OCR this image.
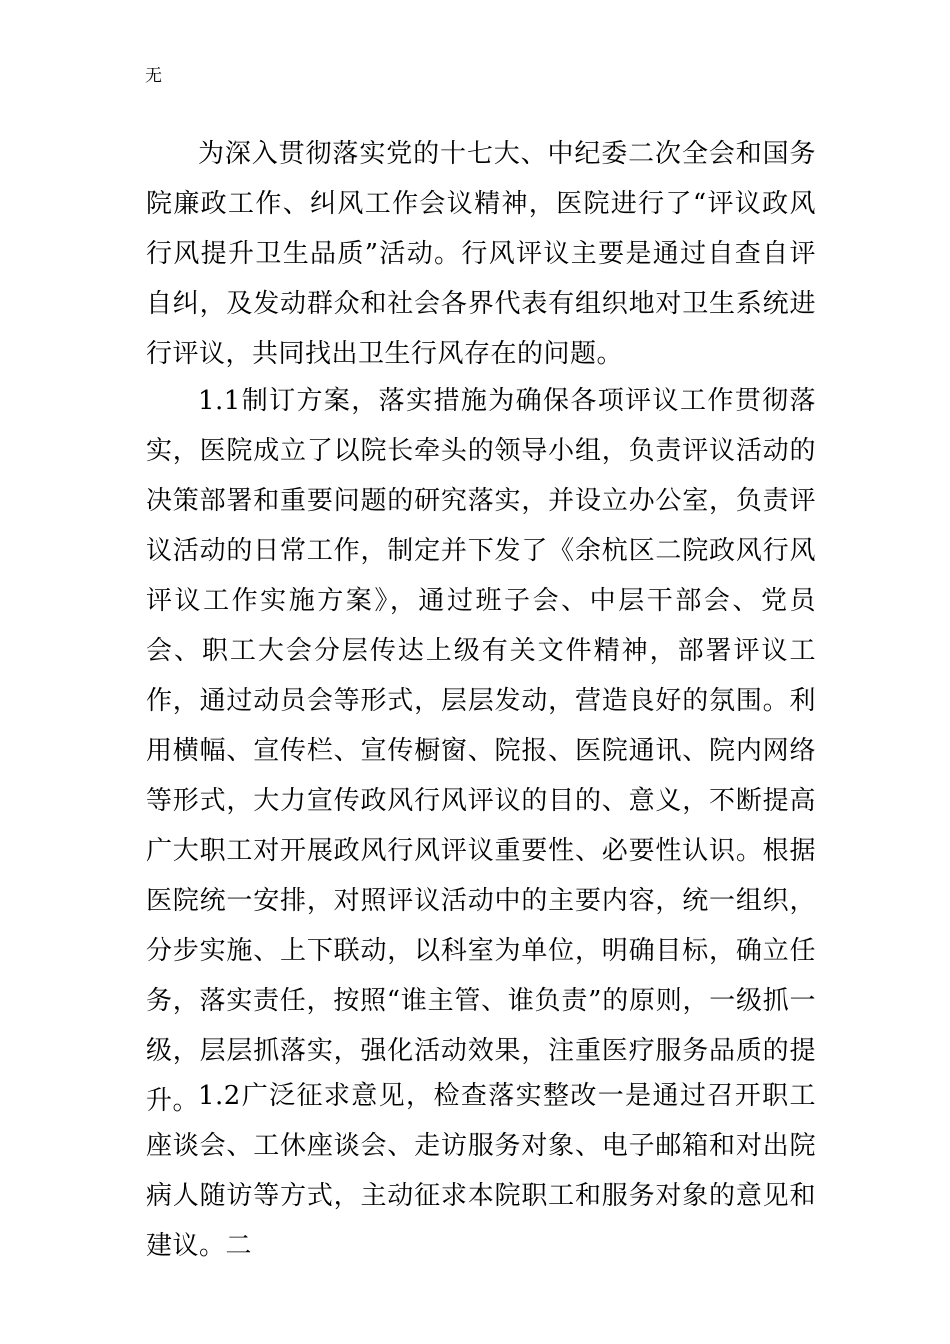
无

为深入贯彻落实党的十七大、中纪委二次全会和国务院廉政工作、纠风工作会议精神，医院进行了“评议政风行风提升卫生品质”活动。行风评议主要是通过自查自评自纠，及发动群众和社会各界代表有组织地对卫生系统进行评议，共同找出卫生行风存在的问题。

1.1制订方案，落实措施为确保各项评议工作贯彻落实，医院成立了以院长牵头的领导小组，负责评议活动的决策部署和重要问题的研究落实，并设立办公室，负责评议活动的日常工作，制定并下发了《余杭区二院政风行风评议工作实施方案》，通过班子会、中层干部会、党员会、职工大会分层传达上级有关文件精神，部署评议工作，通过动员会等形式，层层发动，营造良好的氛围。利用横幅、宣传栏、宣传橱窗、院报、医院通讯、院内网络等形式，大力宣传政风行风评议的目的、意义，不断提高广大职工对开展政风行风评议重要性、必要性认识。根据医院统一安排，对照评议活动中的主要内容，统一组织，分步实施、上下联动，以科室为单位，明确目标，确立任务，落实责任，按照“谁主管、谁负责”的原则，一级抓一级，层层抓落实，强化活动效果，注重医疗服务品质的提升。

1.2广泛征求意见，检查落实整改一是通过召开职工座谈会、工休座谈会、走访服务对象、电子邮箱和对出院病人随访等方式，主动征求本院职工和服务对象的意见和建议。二
